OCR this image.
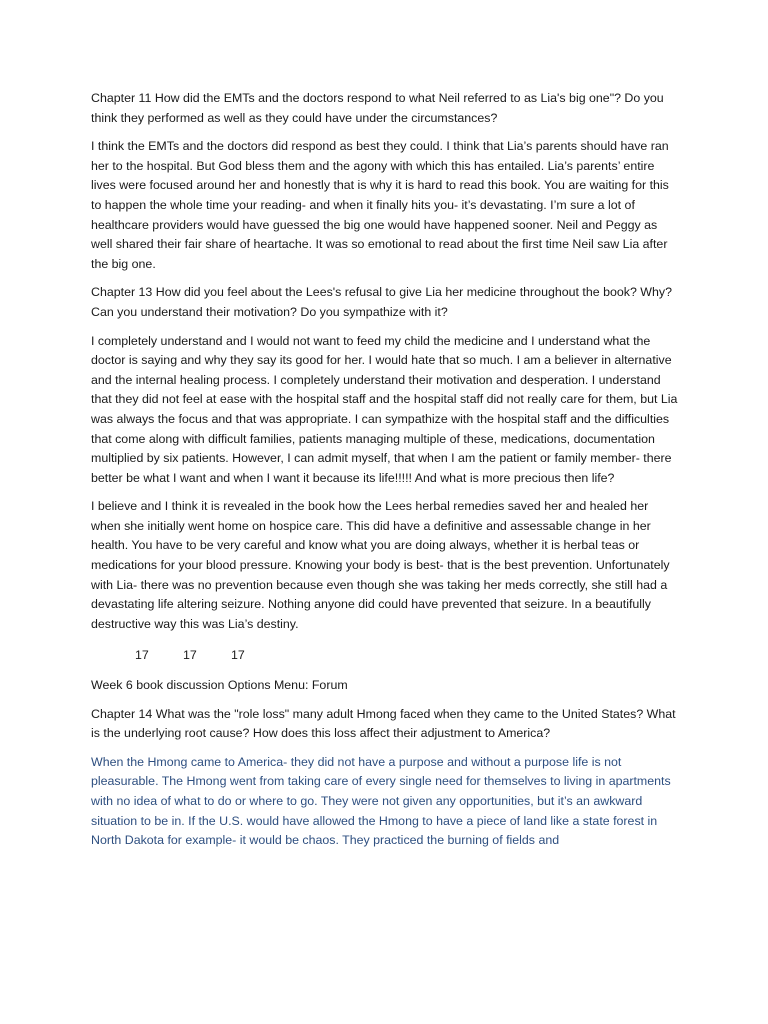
Chapter 11 How did the EMTs and the doctors respond to what Neil referred to as Lia's big one"? Do you think they performed as well as they could have under the circumstances?

I think the EMTs and the doctors did respond as best they could. I think that Lia’s parents should have ran her to the hospital. But God bless them and the agony with which this has entailed. Lia’s parents’ entire lives were focused around her and honestly that is why it is hard to read this book. You are waiting for this to happen the whole time your reading- and when it finally hits you- it’s devastating. I’m sure a lot of healthcare providers would have guessed the big one would have happened sooner. Neil and Peggy as well shared their fair share of heartache. It was so emotional to read about the first time Neil saw Lia after the big one.

Chapter 13 How did you feel about the Lees's refusal to give Lia her medicine throughout the book? Why? Can you understand their motivation? Do you sympathize with it?

I completely understand and I would not want to feed my child the medicine and I understand what the doctor is saying and why they say its good for her. I would hate that so much. I am a believer in alternative and the internal healing process. I completely understand their motivation and desperation. I understand that they did not feel at ease with the hospital staff and the hospital staff did not really care for them, but Lia was always the focus and that was appropriate. I can sympathize with the hospital staff and the difficulties that come along with difficult families, patients managing multiple of these, medications, documentation multiplied by six patients. However, I can admit myself, that when I am the patient or family member- there better be what I want and when I want it because its life!!!!! And what is more precious then life?

I believe and I think it is revealed in the book how the Lees herbal remedies saved her and healed her when she initially went home on hospice care. This did have a definitive and assessable change in her health. You have to be very careful and know what you are doing always, whether it is herbal teas or medications for your blood pressure. Knowing your body is best- that is the best prevention. Unfortunately with Lia- there was no prevention because even though she was taking her meds correctly, she still had a devastating life altering seizure. Nothing anyone did could have prevented that seizure. In a beautifully destructive way this was Lia’s destiny.

17	17	17

Week 6 book discussion Options Menu: Forum

Chapter 14 What was the "role loss" many adult Hmong faced when they came to the United States? What is the underlying root cause? How does this loss affect their adjustment to America?

When the Hmong came to America- they did not have a purpose and without a purpose life is not pleasurable. The Hmong went from taking care of every single need for themselves to living in apartments with no idea of what to do or where to go. They were not given any opportunities, but it’s an awkward situation to be in. If the U.S. would have allowed the Hmong to have a piece of land like a state forest in North Dakota for example- it would be chaos. They practiced the burning of fields and
